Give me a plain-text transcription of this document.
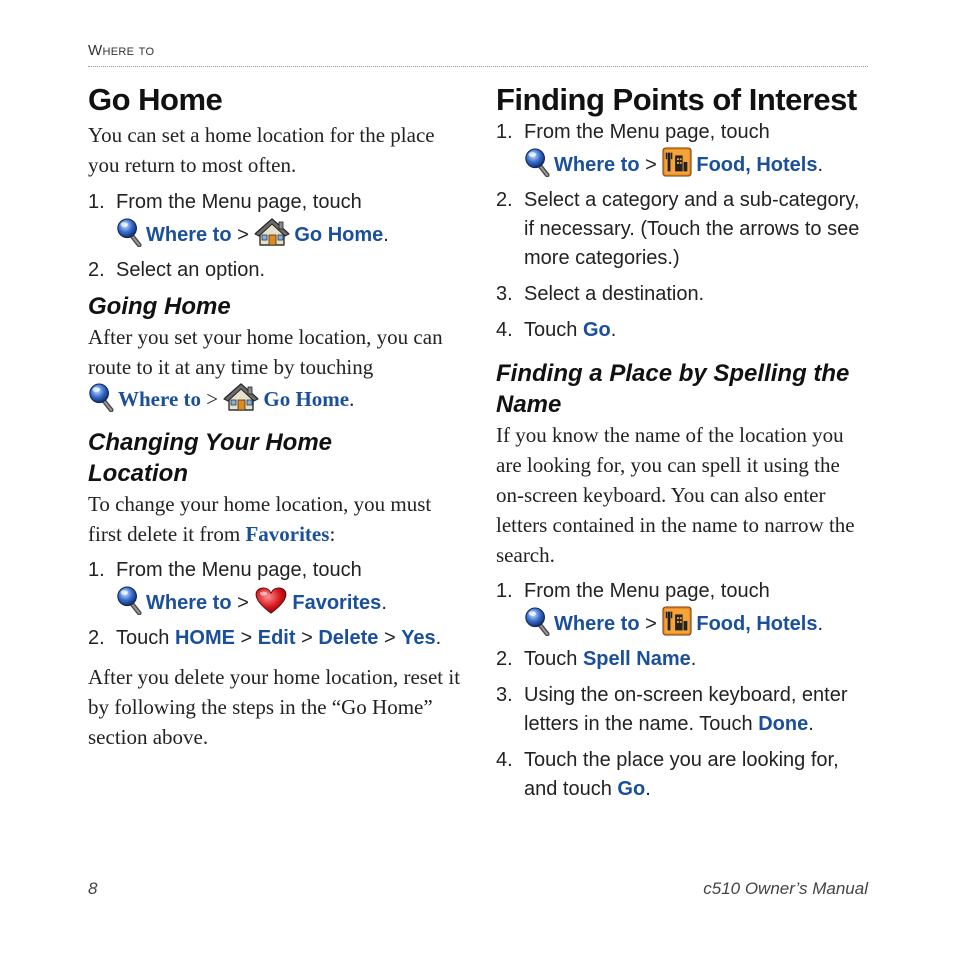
Where to
Go Home

You can set a home location for the place you return to most often.

1. From the Menu page, touch
Where to > Go Home.
2. Select an option.
Going Home

After you set your home location, you can route to it at any time by touching
Where to > Go Home.

Changing Your Home Location

To change your home location, you must first delete it from Favorites:

1. From the Menu page, touch
Where to > Favorites.
2. Touch HOME > Edit > Delete > Yes.

After you delete your home location, reset it by following the steps in the “Go Home” section above.

Finding Points of Interest
1. From the Menu page, touch
Where to > Food, Hotels.
2. Select a category and a sub-category, if necessary. (Touch the arrows to see more categories.)
3. Select a destination.
4. Touch Go.
Finding a Place by Spelling the Name

If you know the name of the location you are looking for, you can spell it using the on-screen keyboard. You can also enter letters contained in the name to narrow the search.

1. From the Menu page, touch
Where to > Food, Hotels.
2. Touch Spell Name.
3. Using the on-screen keyboard, enter letters in the name. Touch Done.
4. Touch the place you are looking for, and touch Go.
8	c510 Owner’s Manual
